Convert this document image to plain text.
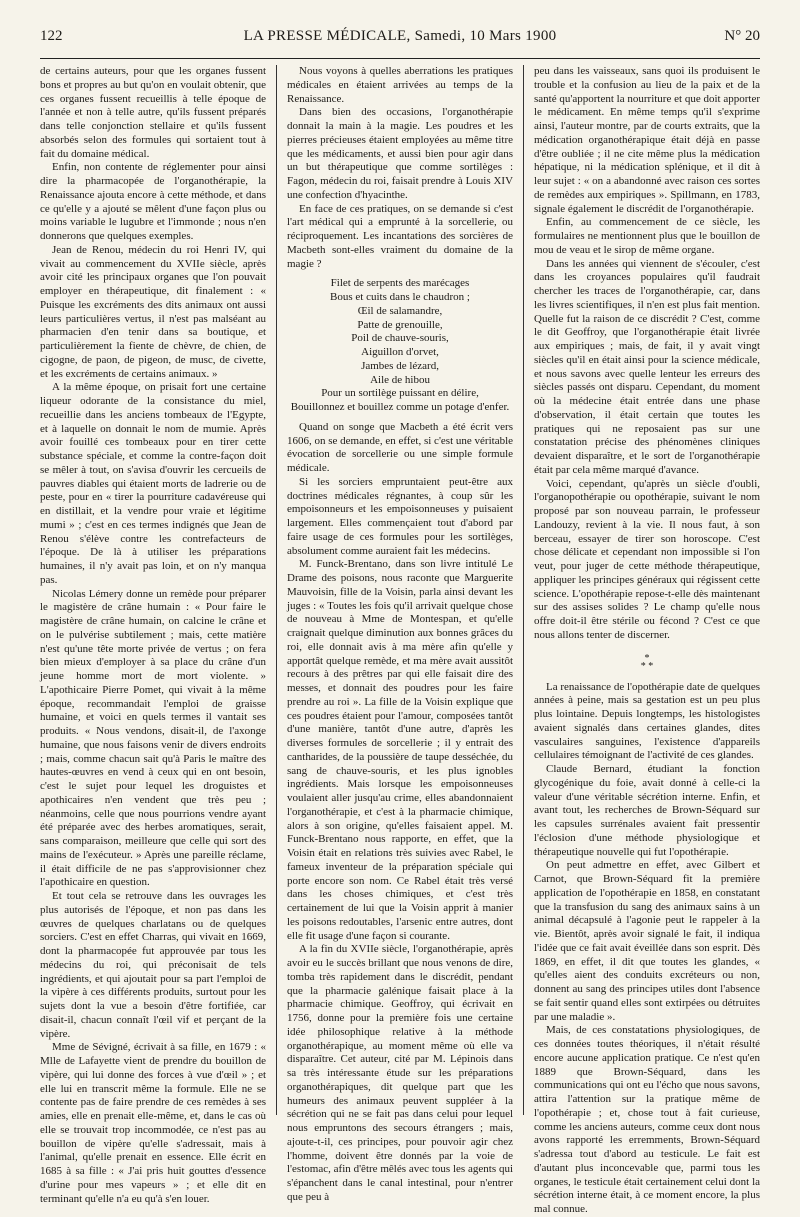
122	LA PRESSE MÉDICALE, Samedi, 10 Mars 1900	N° 20

de certains auteurs, pour que les organes fussent bons et propres au but qu'on en voulait obtenir, que ces organes fussent recueillis à telle époque de l'année et non à telle autre, qu'ils fussent préparés dans telle conjonction stellaire et qu'ils fussent absorbés selon des formules qui sortaient tout à fait du domaine médical.

Enfin, non contente de réglementer pour ainsi dire la pharmacopée de l'organothérapie, la Renaissance ajouta encore à cette méthode, et dans ce qu'elle y a ajouté se mêlent d'une façon plus ou moins variable le lugubre et l'immonde ; nous n'en donnerons que quelques exemples.

Jean de Renou, médecin du roi Henri IV, qui vivait au commencement du XVIIe siècle, après avoir cité les principaux organes que l'on pouvait employer en thérapeutique, dit finalement : « Puisque les excréments des dits animaux ont aussi leurs particulières vertus, il n'est pas malséant au pharmacien d'en tenir dans sa boutique, et particulièrement la fiente de chèvre, de chien, de cigogne, de paon, de pigeon, de musc, de civette, et les excréments de certains animaux. »

A la même époque, on prisait fort une certaine liqueur odorante de la consistance du miel, recueillie dans les anciens tombeaux de l'Egypte, et à laquelle on donnait le nom de mumie. Après avoir fouillé ces tombeaux pour en tirer cette substance spéciale, et comme la contre-façon doit se mêler à tout, on s'avisa d'ouvrir les cercueils de pauvres diables qui étaient morts de ladrerie ou de peste, pour en « tirer la pourriture cadavéreuse qui en distillait, et la vendre pour vraie et légitime mumi » ; c'est en ces termes indignés que Jean de Renou s'élève contre les contrefacteurs de l'époque. De là à utiliser les préparations humaines, il n'y avait pas loin, et on n'y manqua pas.

Nicolas Lémery donne un remède pour préparer le magistère de crâne humain : « Pour faire le magistère de crâne humain, on calcine le crâne et on le pulvérise subtilement ; mais, cette matière n'est qu'une tête morte privée de vertus ; on fera bien mieux d'employer à sa place du crâne d'un jeune homme mort de mort violente. » L'apothicaire Pierre Pomet, qui vivait à la même époque, recommandait l'emploi de graisse humaine, et voici en quels termes il vantait ses produits. « Nous vendons, disait-il, de l'axonge humaine, que nous faisons venir de divers endroits ; mais, comme chacun sait qu'à Paris le maître des hautes-œuvres en vend à ceux qui en ont besoin, c'est le sujet pour lequel les droguistes et apothicaires n'en vendent que très peu ; néanmoins, celle que nous pourrions vendre ayant été préparée avec des herbes aromatiques, serait, sans comparaison, meilleure que celle qui sort des mains de l'exécuteur. » Après une pareille réclame, il était difficile de ne pas s'approvisionner chez l'apothicaire en question.

Et tout cela se retrouve dans les ouvrages les plus autorisés de l'époque, et non pas dans les œuvres de quelques charlatans ou de quelques sorciers. C'est en effet Charras, qui vivait en 1669, dont la pharmacopée fut approuvée par tous les médecins du roi, qui préconisait de tels ingrédients, et qui ajoutait pour sa part l'emploi de la vipère à ces différents produits, surtout pour les sujets dont la vue a besoin d'être fortifiée, car disait-il, chacun connaît l'œil vif et perçant de la vipère.

Mme de Sévigné, écrivait à sa fille, en 1679 : « Mlle de Lafayette vient de prendre du bouillon de vipère, qui lui donne des forces à vue d'œil » ; et elle lui en transcrit même la formule. Elle ne se contente pas de faire prendre de ces remèdes à ses amies, elle en prenait elle-même, et, dans le cas où elle se trouvait trop incommodée, ce n'est pas au bouillon de vipère qu'elle s'adressait, mais à l'animal, qu'elle prenait en essence. Elle écrit en 1685 à sa fille : « J'ai pris huit gouttes d'essence d'urine pour mes vapeurs » ; et elle dit en terminant qu'elle n'a eu qu'à s'en louer.

Nous voyons à quelles aberrations les pratiques médicales en étaient arrivées au temps de la Renaissance.

Dans bien des occasions, l'organothérapie donnait la main à la magie. Les poudres et les pierres précieuses étaient employées au même titre que les médicaments, et aussi bien pour agir dans un but thérapeutique que comme sortilèges : Fagon, médecin du roi, faisait prendre à Louis XIV une confection d'hyacinthe.

En face de ces pratiques, on se demande si c'est l'art médical qui a emprunté à la sorcellerie, ou réciproquement. Les incantations des sorcières de Macbeth sont-elles vraiment du domaine de la magie ?

Filet de serpents des marécages
Bous et cuits dans le chaudron ;
Œil de salamandre,
Patte de grenouille,
Poil de chauve-souris,
Aiguillon d'orvet,
Jambes de lézard,
Aile de hibou
Pour un sortilège puissant en délire,
Bouillonnez et bouillez comme un potage d'enfer.

Quand on songe que Macbeth a été écrit vers 1606, on se demande, en effet, si c'est une véritable évocation de sorcellerie ou une simple formule médicale.

Si les sorciers empruntaient peut-être aux doctrines médicales régnantes, à coup sûr les empoisonneurs et les empoisonneuses y puisaient largement. Elles commençaient tout d'abord par faire usage de ces formules pour les sortilèges, absolument comme auraient fait les médecins.

M. Funck-Brentano, dans son livre intitulé Le Drame des poisons, nous raconte que Marguerite Mauvoisin, fille de la Voisin, parla ainsi devant les juges : « Toutes les fois qu'il arrivait quelque chose de nouveau à Mme de Montespan, et qu'elle craignait quelque diminution aux bonnes grâces du roi, elle donnait avis à ma mère afin qu'elle y apportât quelque remède, et ma mère avait aussitôt recours à des prêtres par qui elle faisait dire des messes, et donnait des poudres pour les faire prendre au roi ». La fille de la Voisin explique que ces poudres étaient pour l'amour, composées tantôt d'une manière, tantôt d'une autre, d'après les diverses formules de sorcellerie ; il y entrait des cantharides, de la poussière de taupe desséchée, du sang de chauve-souris, et les plus ignobles ingrédients. Mais lorsque les empoisonneuses voulaient aller jusqu'au crime, elles abandonnaient l'organothérapie, et c'est à la pharmacie chimique, alors à son origine, qu'elles faisaient appel. M. Funck-Brentano nous rapporte, en effet, que la Voisin était en relations très suivies avec Rabel, le fameux inventeur de la préparation spéciale qui porte encore son nom. Ce Rabel était très versé dans les choses chimiques, et c'est très certainement de lui que la Voisin apprit à manier les poisons redoutables, l'arsenic entre autres, dont elle fit usage d'une façon si courante.

A la fin du XVIIe siècle, l'organothérapie, après avoir eu le succès brillant que nous venons de dire, tomba très rapidement dans le discrédit, pendant que la pharmacie galénique faisait place à la pharmacie chimique. Geoffroy, qui écrivait en 1756, donne pour la première fois une certaine idée philosophique relative à la méthode organothérapique, au moment même où elle va disparaître. Cet auteur, cité par M. Lépinois dans sa très intéressante étude sur les préparations organothérapiques, dit quelque part que les humeurs des animaux peuvent suppléer à la sécrétion qui ne se fait pas dans celui pour lequel nous empruntons des secours étrangers ; mais, ajoute-t-il, ces principes, pour pouvoir agir chez l'homme, doivent être donnés par la voie de l'estomac, afin d'être mêlés avec tous les agents qui s'épanchent dans le canal intestinal, pour n'entrer que peu à

peu dans les vaisseaux, sans quoi ils produisent le trouble et la confusion au lieu de la paix et de la santé qu'apportent la nourriture et que doit apporter le médicament. En même temps qu'il s'exprime ainsi, l'auteur montre, par de courts extraits, que la médication organothérapique était déjà en passe d'être oubliée ; il ne cite même plus la médication hépatique, ni la médication splénique, et il dit à leur sujet : « on a abandonné avec raison ces sortes de remèdes aux empiriques ». Spillmann, en 1783, signale également le discrédit de l'organothérapie.

Enfin, au commencement de ce siècle, les formulaires ne mentionnent plus que le bouillon de mou de veau et le sirop de même organe.

Dans les années qui viennent de s'écouler, c'est dans les croyances populaires qu'il faudrait chercher les traces de l'organothérapie, car, dans les livres scientifiques, il n'en est plus fait mention. Quelle fut la raison de ce discrédit ? C'est, comme le dit Geoffroy, que l'organothérapie était livrée aux empiriques ; mais, de fait, il y avait vingt siècles qu'il en était ainsi pour la science médicale, et nous savons avec quelle lenteur les erreurs des siècles passés ont disparu. Cependant, du moment où la médecine était entrée dans une phase d'observation, il était certain que toutes les pratiques qui ne reposaient pas sur une constatation précise des phénomènes cliniques devaient disparaître, et le sort de l'organothérapie était par cela même marqué d'avance.

Voici, cependant, qu'après un siècle d'oubli, l'organopothérapie ou opothérapie, suivant le nom proposé par son nouveau parrain, le professeur Landouzy, revient à la vie. Il nous faut, à son berceau, essayer de tirer son horoscope. C'est chose délicate et cependant non impossible si l'on veut, pour juger de cette méthode thérapeutique, appliquer les principes généraux qui régissent cette science. L'opothérapie repose-t-elle dès maintenant sur des assises solides ? Le champ qu'elle nous offre doit-il être stérile ou fécond ? C'est ce que nous allons tenter de discerner.

*
* *

La renaissance de l'opothérapie date de quelques années à peine, mais sa gestation est un peu plus plus lointaine. Depuis longtemps, les histologistes avaient signalés dans certaines glandes, dites vasculaires sanguines, l'existence d'appareils cellulaires témoignant de l'activité de ces glandes.

Claude Bernard, étudiant la fonction glycogénique du foie, avait donné à celle-ci la valeur d'une véritable sécrétion interne. Enfin, et avant tout, les recherches de Brown-Séquard sur les capsules surrénales avaient fait pressentir l'éclosion d'une méthode physiologique et thérapeutique nouvelle qui fut l'opothérapie.

On peut admettre en effet, avec Gilbert et Carnot, que Brown-Séquard fit la première application de l'opothérapie en 1858, en constatant que la transfusion du sang des animaux sains à un animal décapsulé à l'agonie peut le rappeler à la vie. Bientôt, après avoir signalé le fait, il indiqua l'idée que ce fait avait éveillée dans son esprit. Dès 1869, en effet, il dit que toutes les glandes, « qu'elles aient des conduits excréteurs ou non, donnent au sang des principes utiles dont l'absence se fait sentir quand elles sont extirpées ou détruites par une maladie ».

Mais, de ces constatations physiologiques, de ces données toutes théoriques, il n'était résulté encore aucune application pratique. Ce n'est qu'en 1889 que Brown-Séquard, dans les communications qui ont eu l'écho que nous savons, attira l'attention sur la pratique même de l'opothérapie ; et, chose tout à fait curieuse, comme les anciens auteurs, comme ceux dont nous avons rapporté les erremments, Brown-Séquard s'adressa tout d'abord au testicule. Le fait est d'autant plus inconcevable que, parmi tous les organes, le testicule était certainement celui dont la sécrétion interne était, à ce moment encore, la plus mal connue.
